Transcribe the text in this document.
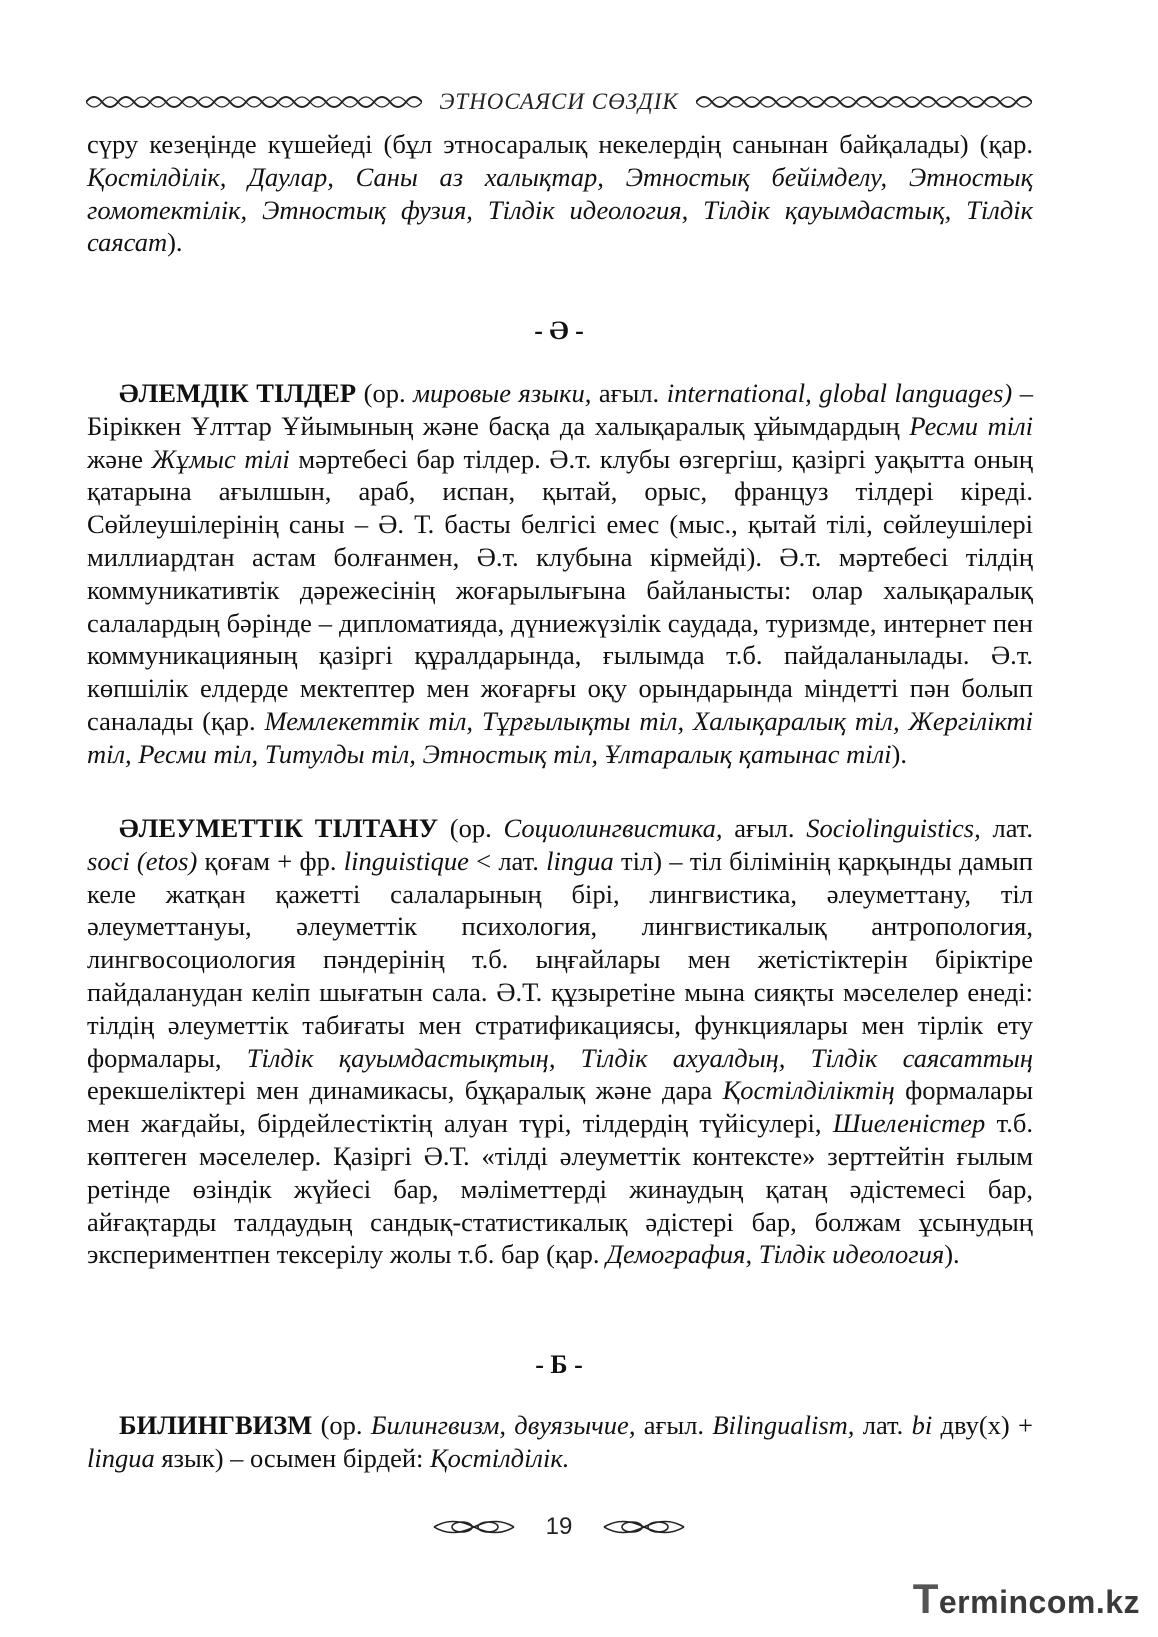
ЭТНОСАЯСИ СӨЗДІК

сүру кезеңінде күшейеді (бұл этносаралық некелердің санынан байқалады) (қар. Қостілділік, Даулар, Саны аз халықтар, Этностық бейімделу, Этностық гомотектілік, Этностық фузия, Тілдік идеология, Тілдік қауымдастық, Тілдік саясат).

- Ә -

ӘЛЕМДІК ТІЛДЕР (ор. мировые языки, ағыл. international, global languages) – Біріккен Ұлттар Ұйымының және басқа да халықаралық ұйымдардың Ресми тілі және Жұмыс тілі мәртебесі бар тілдер. Ә.т. клубы өзгергіш, қазіргі уақытта оның қатарына ағылшын, араб, испан, қытай, орыс, француз тілдері кіреді. Сөйлеушілерінің саны – Ә. Т. басты белгісі емес (мыс., қытай тілі, сөйлеушілері миллиардтан астам болғанмен, Ә.т. клубына кірмейді). Ә.т. мәртебесі тілдің коммуникативтік дәрежесінің жоғарылығына байланысты: олар халықаралық салалардың бәрінде – дипломатияда, дүниежүзілік саудада, туризмде, интернет пен коммуникацияның қазіргі құралдарында, ғылымда т.б. пайдаланылады. Ә.т. көпшілік елдерде мектептер мен жоғарғы оқу орындарында міндетті пән болып саналады (қар. Мемлекеттік тіл, Тұрғылықты тіл, Халықаралық тіл, Жергілікті тіл, Ресми тіл, Титулды тіл, Этностық тіл, Ұлтаралық қатынас тілі).

ӘЛЕУМЕТТІК ТІЛТАНУ (ор. Социолингвистика, ағыл. Sociolinguistics, лат. soci (etos) қоғам + фр. linguistique < лат. lingua тіл) – тіл білімінің қарқынды дамып келе жатқан қажетті салаларының бірі, лингвистика, әлеуметтану, тіл әлеуметтануы, әлеуметтік психология, лингвистикалық антропология, лингвосоциология пәндерінің т.б. ыңғайлары мен жетістіктерін біріктіре пайдаланудан келіп шығатын сала. Ә.Т. құзыретіне мына сияқты мәселелер енеді: тілдің әлеуметтік табиғаты мен стратификациясы, функциялары мен тірлік ету формалары, Тілдік қауымдастықтың, Тілдік ахуалдың, Тілдік саясаттың ерекшеліктері мен динамикасы, бұқаралық және дара Қостілділіктің формалары мен жағдайы, бірдейлестіктің алуан түрі, тілдердің түйісулері, Шиеленістер т.б. көптеген мәселелер. Қазіргі Ә.Т. «тілді әлеуметтік контексте» зерттейтін ғылым ретінде өзіндік жүйесі бар, мәліметтерді жинаудың қатаң әдістемесі бар, айғақтарды талдаудың сандық-статистикалық әдістері бар, болжам ұсынудың экспериментпен тексерілу жолы т.б. бар (қар. Демография, Тілдік идеология).

- Б -

БИЛИНГВИЗМ (ор. Билингвизм, двуязычие, ағыл. Bilingualism, лат. bi дву(х) + lingua язык) – осымен бірдей: Қостілділік.

19
Termincom.kz
